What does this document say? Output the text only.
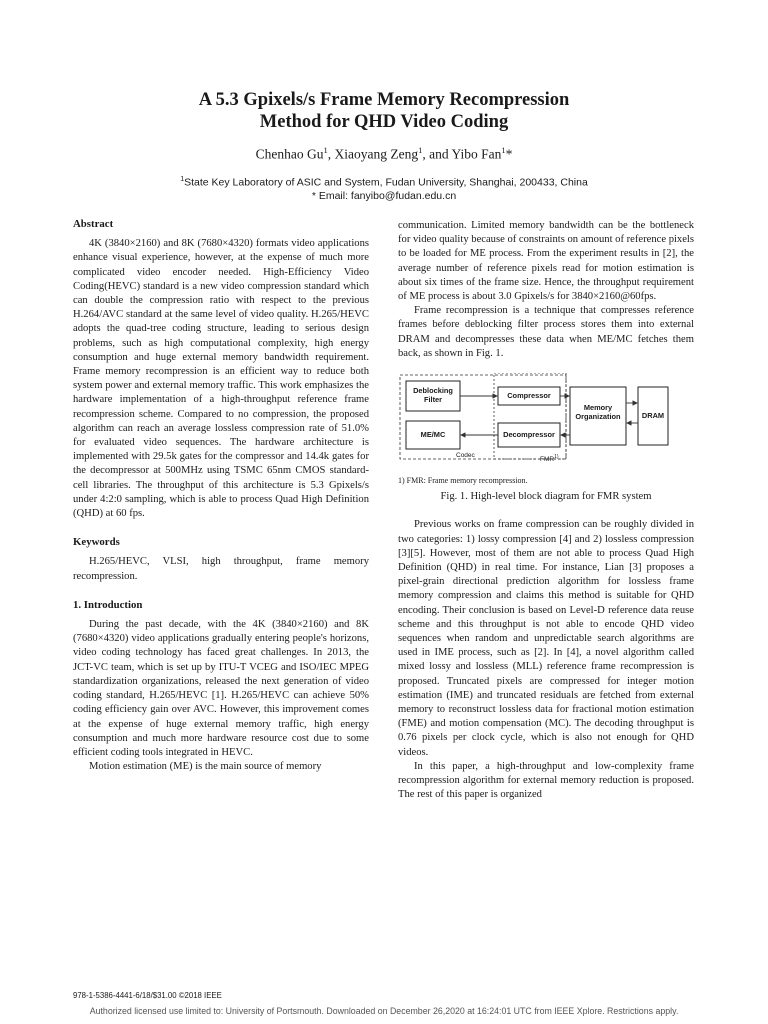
A 5.3 Gpixels/s Frame Memory Recompression
Method for QHD Video Coding
Chenhao Gu$^1$, Xiaoyang Zeng$^1$, and Yibo Fan$^1$*
$^1$State Key Laboratory of ASIC and System, Fudan University, Shanghai, 200433, China
* Email: fanyibo@fudan.edu.cn
Abstract

4K (3840×2160) and 8K (7680×4320) formats video applications enhance visual experience, however, at the expense of much more complicated video encoder needed. High-Efficiency Video Coding(HEVC) standard is a new video compression standard which can double the compression ratio with respect to the previous H.264/AVC standard at the same level of video quality. H.265/HEVC adopts the quad-tree coding structure, leading to serious design problems, such as high computational complexity, high energy consumption and huge external memory bandwidth requirement. Frame memory recompression is an efficient way to reduce both system power and external memory traffic. This work emphasizes the hardware implementation of a high-throughput reference frame recompression scheme. Compared to no compression, the proposed algorithm can reach an average lossless compression rate of 51.0% for evaluated video sequences. The hardware architecture is implemented with 29.5k gates for the compressor and 14.4k gates for the decompressor at 500MHz using TSMC 65nm CMOS standard-cell libraries. The throughput of this architecture is 5.3 Gpixels/s under 4:2:0 sampling, which is able to process Quad High Definition (QHD) at 60 fps.

Keywords

H.265/HEVC, VLSI, high throughput, frame memory recompression.

1. Introduction

During the past decade, with the 4K (3840×2160) and 8K (7680×4320) video applications gradually entering people's horizons, video coding technology has faced great challenges. In 2013, the JCT-VC team, which is set up by ITU-T VCEG and ISO/IEC MPEG standardization organizations, released the next generation of video coding standard, H.265/HEVC [1]. H.265/HEVC can achieve 50% coding efficiency gain over AVC. However, this improvement comes at the expense of huge external memory traffic, high energy consumption and much more hardware resource cost due to some efficient coding tools integrated in HEVC.

Motion estimation (ME) is the main source of memory

communication. Limited memory bandwidth can be the bottleneck for video quality because of constraints on amount of reference pixels to be loaded for ME process. From the experiment results in [2], the average number of reference pixels read for motion estimation is about six times of the frame size. Hence, the throughput requirement of ME process is about 3.0 Gpixels/s for 3840×2160@60fps.

Frame recompression is a technique that compresses reference frames before deblocking filter process stores them into external DRAM and decompresses these data when ME/MC fetches them back, as shown in Fig. 1.

Deblocking Filter	Compressor
Memory Organization	DRAM
ME/MC	Decompressor
Codec
FMR$^{1)}$

1) FMR: Frame memory recompression.

Fig. 1. High-level block diagram for FMR system

Previous works on frame compression can be roughly divided in two categories: 1) lossy compression [4] and 2) lossless compression [3][5]. However, most of them are not able to process Quad High Definition (QHD) in real time. For instance, Lian [3] proposes a pixel-grain directional prediction algorithm for lossless frame memory compression and claims this method is suitable for QHD encoding. Their conclusion is based on Level-D reference data reuse scheme and this throughput is not able to encode QHD video sequences when random and unpredictable search algorithms are used in IME process, such as [2]. In [4], a novel algorithm called mixed lossy and lossless (MLL) reference frame recompression is proposed. Truncated pixels are compressed for integer motion estimation (IME) and truncated residuals are fetched from external memory to reconstruct lossless data for fractional motion estimation (FME) and motion compensation (MC). The decoding throughput is 0.76 pixels per clock cycle, which is also not enough for QHD videos.

In this paper, a high-throughput and low-complexity frame recompression algorithm for external memory reduction is proposed. The rest of this paper is organized

978-1-5386-4441-6/18/$31.00 ©2018 IEEE
Authorized licensed use limited to: University of Portsmouth. Downloaded on December 26,2020 at 16:24:01 UTC from IEEE Xplore. Restrictions apply.
